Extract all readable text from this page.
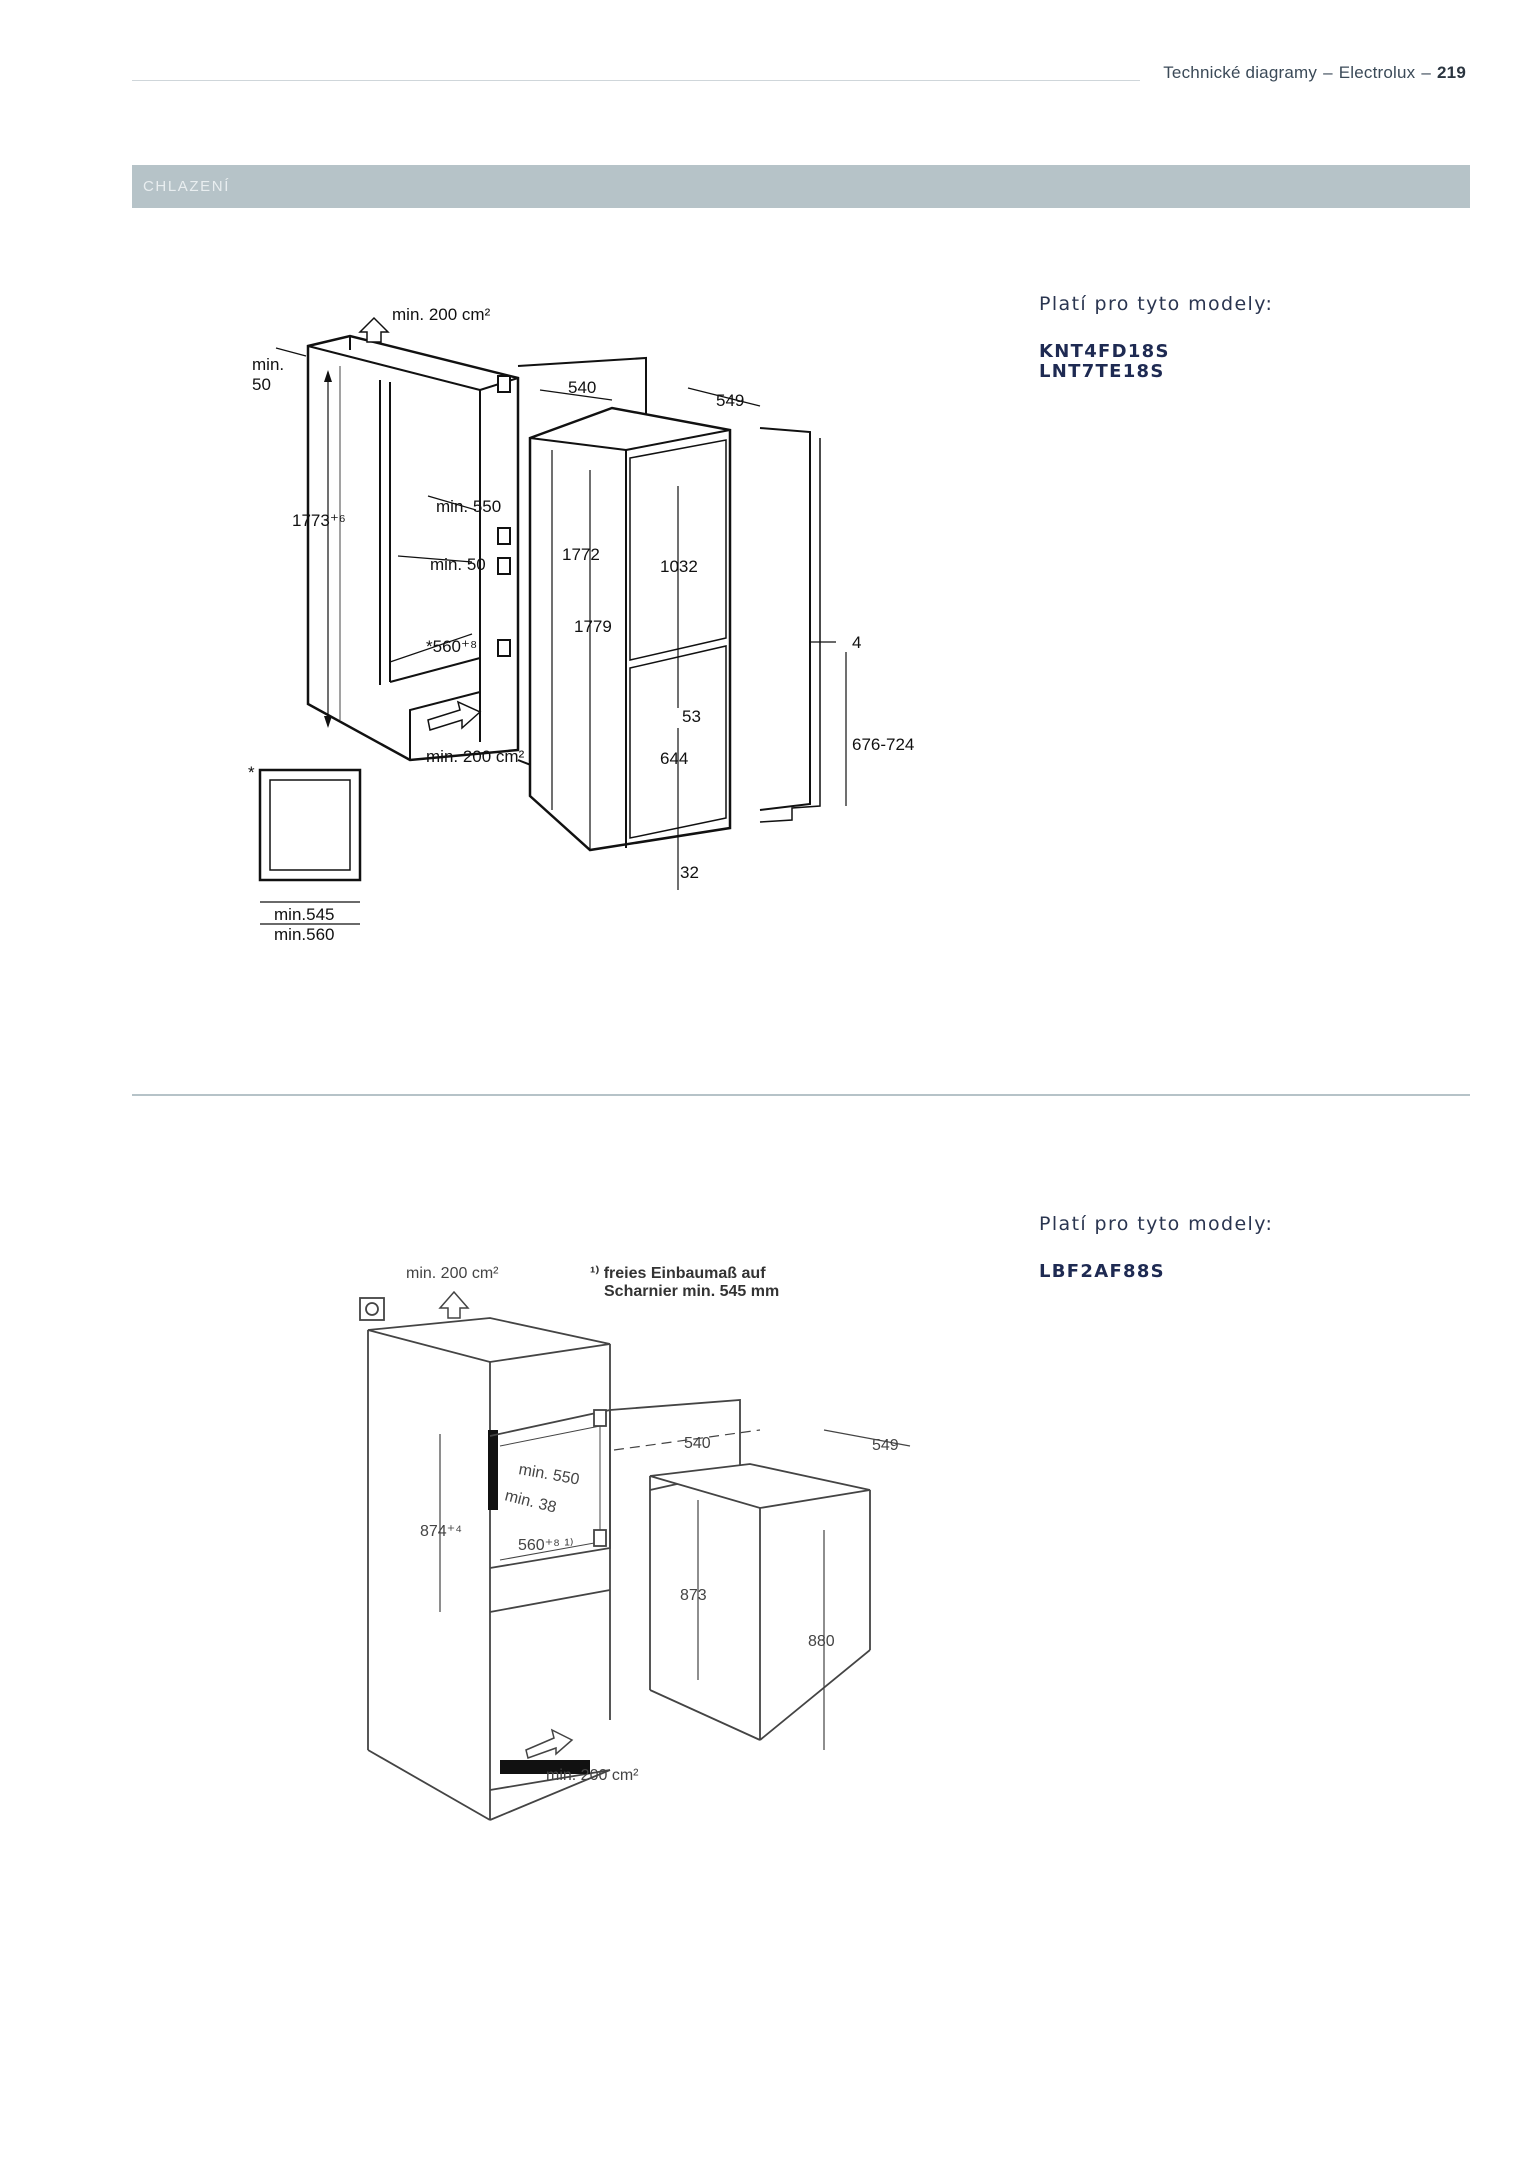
Technické diagramy – Electrolux – 219
CHLAZENÍ
Platí pro tyto modely:
KNT4FD18S
LNT7TE18S
1773⁺⁶
min. 550
min. 50
*560⁺⁸
min.
50
min. 200 cm²
min. 200 cm²
540
549
1772
1779
1032
53
644
32
4
676-724
*
min.545
min.560
Platí pro tyto modely:
LBF2AF88S
min. 200 cm²	¹⁾ freies Einbaumaß auf
Scharnier min. 545 mm
min. 200 cm²
874⁺⁴
min. 550
min. 38
560⁺⁸ ¹⁾
540	549
873
880
